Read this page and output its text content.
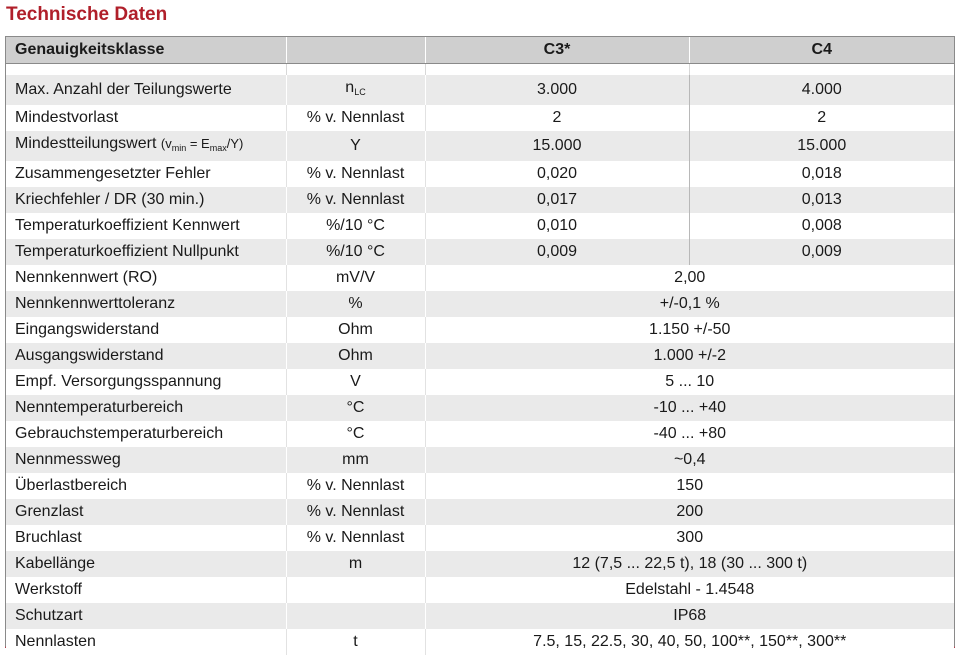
Technische Daten
Genauigkeitsklasse		C3*	C4

Max. Anzahl der Teilungswerte	$n_{LC}$	3.000	4.000
Mindestvorlast	% v. Nennlast	2	2
Mindestteilungswert $(v_{min} = E_{max}/Y)$	Y	15.000	15.000
Zusammengesetzter Fehler	% v. Nennlast	0,020	0,018
Kriechfehler / DR (30 min.)	% v. Nennlast	0,017	0,013
Temperaturkoeffizient Kennwert	%/10 °C	0,010	0,008
Temperaturkoeffizient Nullpunkt	%/10 °C	0,009	0,009
Nennkennwert (RO)	mV/V	2,00	
Nennkennwerttoleranz	%	+/-0,1 %	
Eingangswiderstand	Ohm	1.150 +/-50	
Ausgangswiderstand	Ohm	1.000 +/-2	
Empf. Versorgungsspannung	V	5 ... 10	
Nenntemperaturbereich	°C	-10 ... +40	
Gebrauchstemperaturbereich	°C	-40 ... +80	
Nennmessweg	mm	~0,4	
Überlastbereich	% v. Nennlast	150	
Grenzlast	% v. Nennlast	200	
Bruchlast	% v. Nennlast	300	
Kabellänge	m	12 (7,5 ... 22,5 t), 18 (30 ... 300 t)	
Werkstoff		Edelstahl - 1.4548	
Schutzart		IP68	
Nennlasten	t	7.5, 15, 22.5, 30, 40, 50, 100**, 150**, 300**	
